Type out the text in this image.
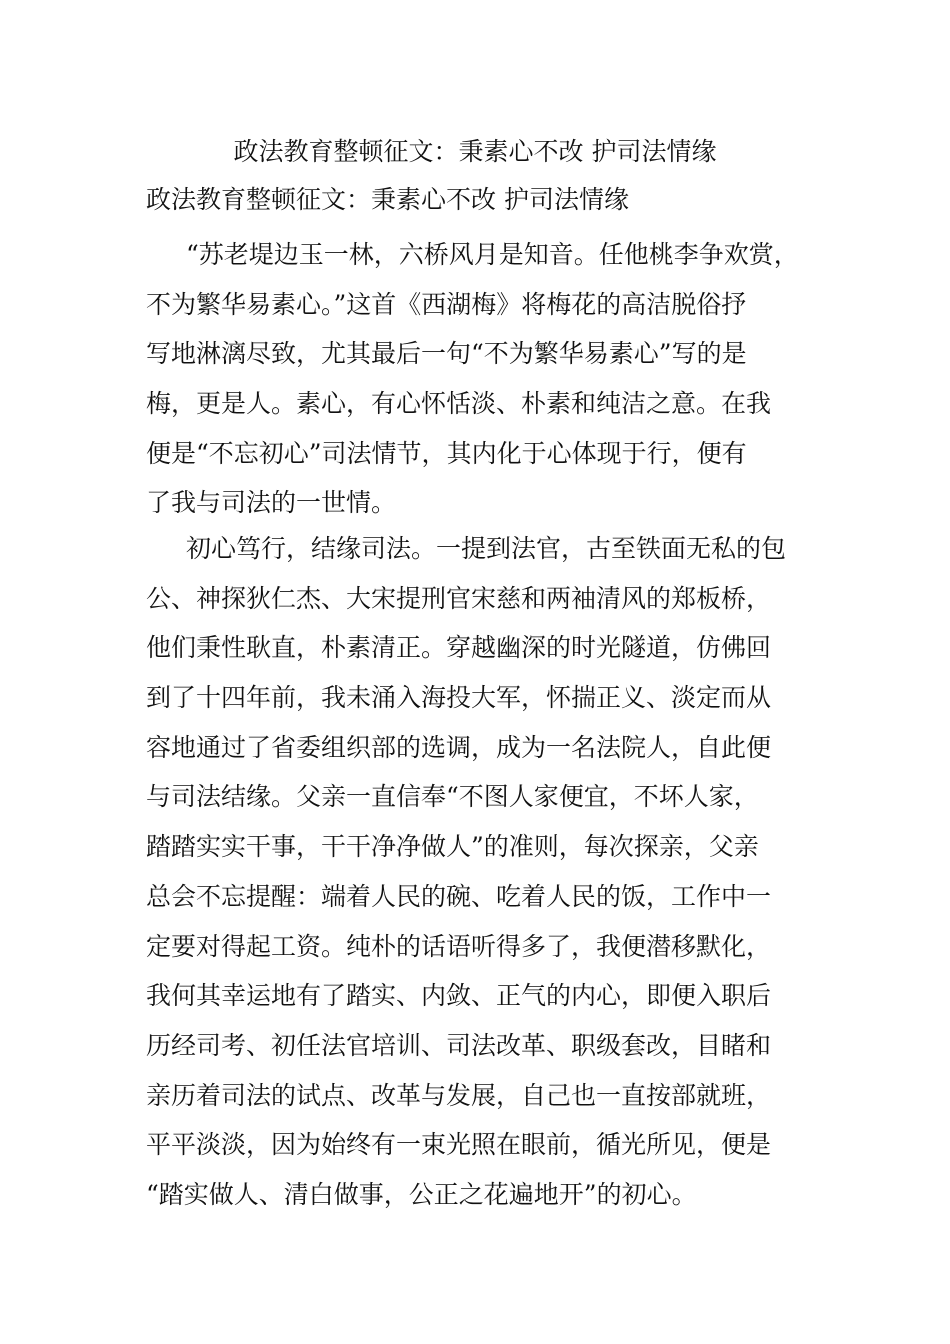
政法教育整顿征文：秉素心不改 护司法情缘
政法教育整顿征文：秉素心不改 护司法情缘
“苏老堤边玉一林，六桥风月是知音。任他桃李争欢赏，
不为繁华易素心。”这首《西湖梅》将梅花的高洁脱俗抒
写地淋漓尽致，尤其最后一句“不为繁华易素心”写的是
梅，更是人。素心，有心怀恬淡、朴素和纯洁之意。在我
便是“不忘初心”司法情节，其内化于心体现于行，便有
了我与司法的一世情。
初心笃行，结缘司法。一提到法官，古至铁面无私的包
公、神探狄仁杰、大宋提刑官宋慈和两袖清风的郑板桥，
他们秉性耿直，朴素清正。穿越幽深的时光隧道，仿佛回
到了十四年前，我未涌入海投大军，怀揣正义、淡定而从
容地通过了省委组织部的选调，成为一名法院人，自此便
与司法结缘。父亲一直信奉“不图人家便宜，不坏人家，
踏踏实实干事，干干净净做人”的准则，每次探亲，父亲
总会不忘提醒：端着人民的碗、吃着人民的饭，工作中一
定要对得起工资。纯朴的话语听得多了，我便潜移默化，
我何其幸运地有了踏实、内敛、正气的内心，即便入职后
历经司考、初任法官培训、司法改革、职级套改，目睹和
亲历着司法的试点、改革与发展，自己也一直按部就班，
平平淡淡，因为始终有一束光照在眼前，循光所见，便是
“踏实做人、清白做事，公正之花遍地开”的初心。
